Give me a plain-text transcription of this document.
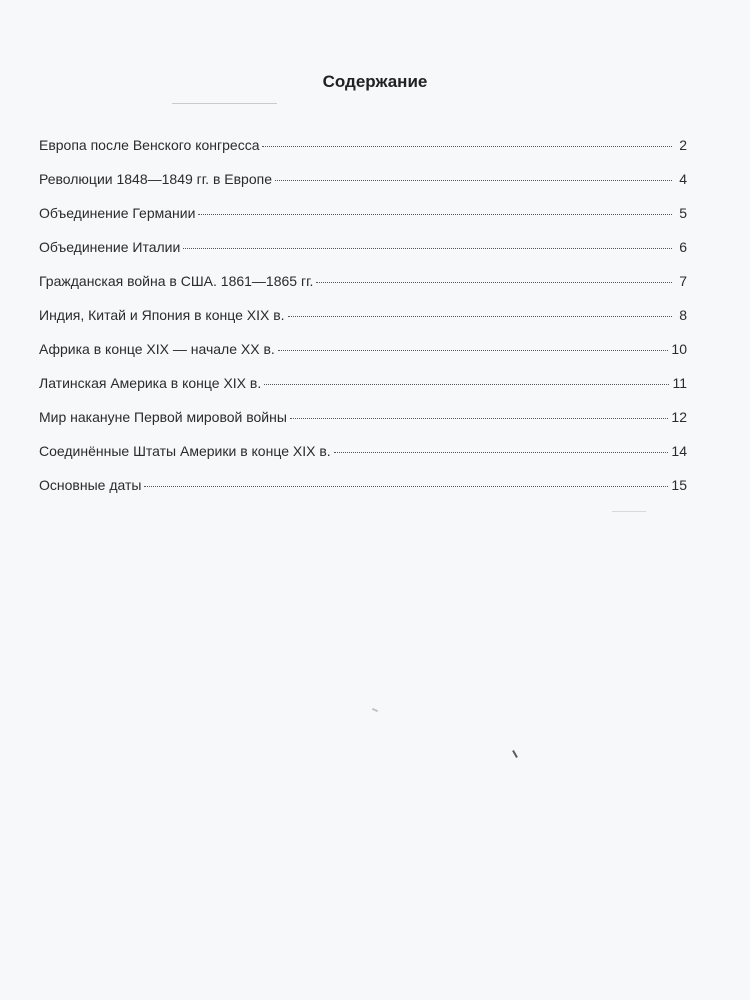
Содержание
Европа после Венского конгресса	2
Революции 1848—1849 гг. в Европе	4
Объединение Германии	5
Объединение Италии	6
Гражданская война в США. 1861—1865 гг.	7
Индия, Китай и Япония в конце XIX в.	8
Африка в конце XIX — начале XX в.	10
Латинская Америка в конце XIX в.	11
Мир накануне Первой мировой войны	12
Соединённые Штаты Америки в конце XIX в.	14
Основные даты	15
